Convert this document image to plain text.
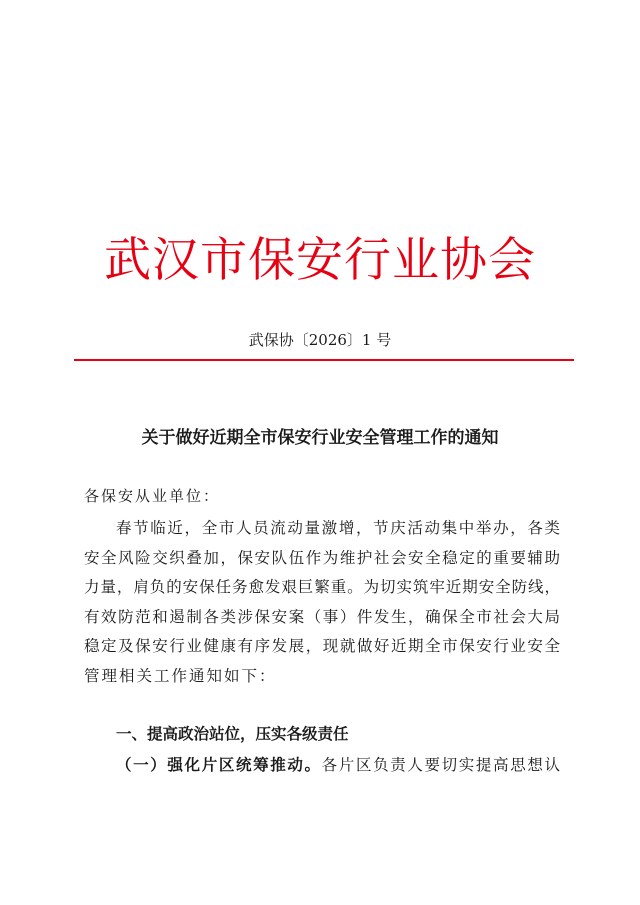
武汉市保安行业协会
武保协〔2026〕1 号
关于做好近期全市保安行业安全管理工作的通知
各保安从业单位：
春节临近，全市人员流动量激增，节庆活动集中举办，各类
安全风险交织叠加，保安队伍作为维护社会安全稳定的重要辅助
力量，肩负的安保任务愈发艰巨繁重。为切实筑牢近期安全防线，
有效防范和遏制各类涉保安案（事）件发生，确保全市社会大局
稳定及保安行业健康有序发展，现就做好近期全市保安行业安全
管理相关工作通知如下：
一、提高政治站位，压实各级责任
（一）强化片区统筹推动。各片区负责人要切实提高思想认
